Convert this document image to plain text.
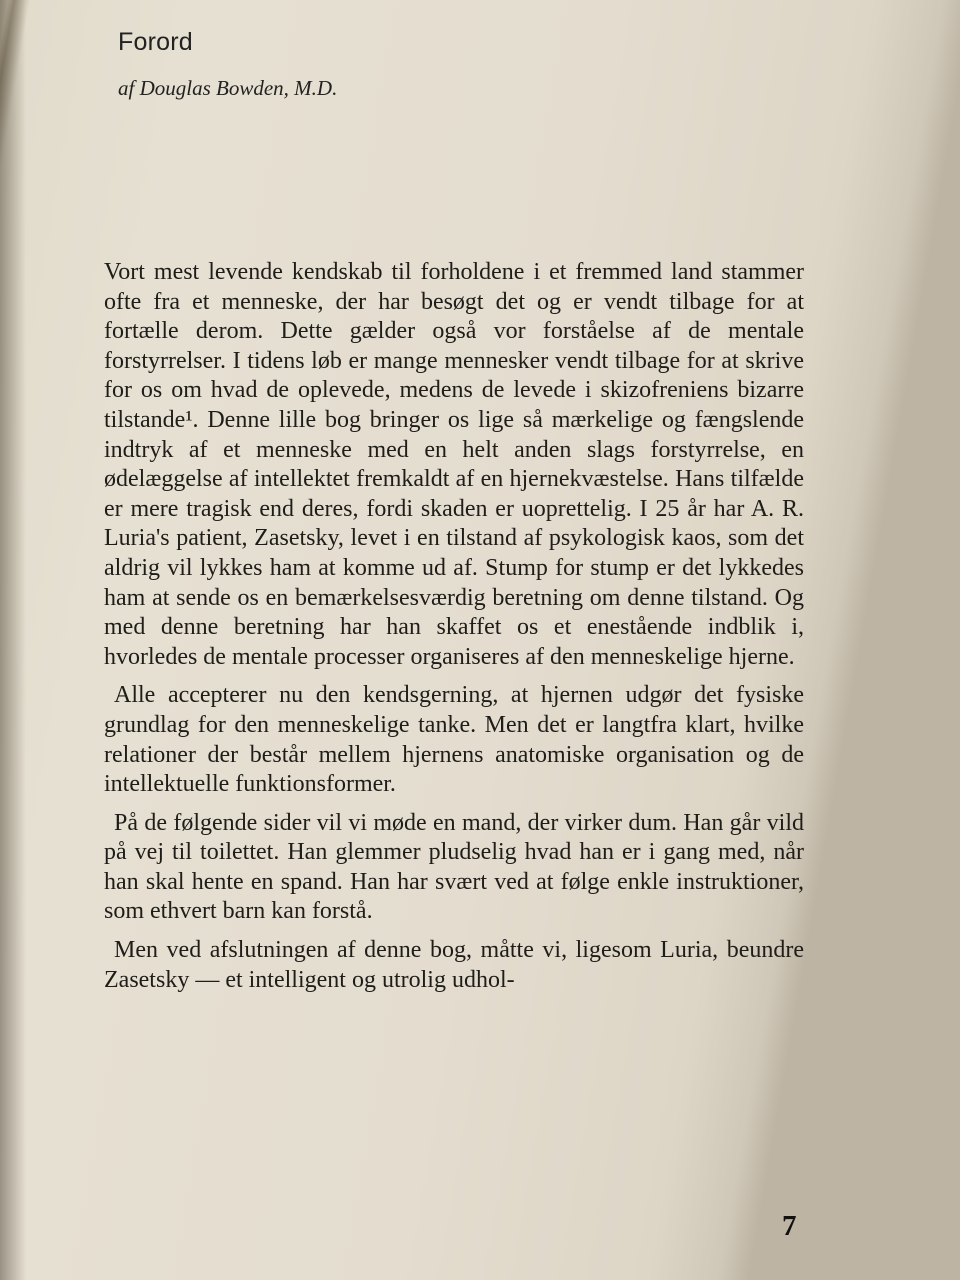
Forord
af Douglas Bowden, M.D.

Vort mest levende kendskab til forholdene i et fremmed land stammer ofte fra et menneske, der har besøgt det og er vendt tilbage for at fortælle derom. Dette gælder også vor forståelse af de mentale forstyrrelser. I tidens løb er mange mennesker vendt tilbage for at skrive for os om hvad de oplevede, medens de levede i skizofreniens bizarre tilstande¹. Denne lille bog bringer os lige så mærkelige og fængslende indtryk af et menneske med en helt anden slags forstyrrelse, en ødelæggelse af intellektet fremkaldt af en hjernekvæstelse. Hans tilfælde er mere tragisk end deres, fordi skaden er uoprettelig. I 25 år har A. R. Luria's patient, Zasetsky, levet i en tilstand af psykologisk kaos, som det aldrig vil lykkes ham at komme ud af. Stump for stump er det lykkedes ham at sende os en bemærkelsesværdig beretning om denne tilstand. Og med denne beretning har han skaffet os et enestående indblik i, hvorledes de mentale processer organiseres af den menneskelige hjerne.

Alle accepterer nu den kendsgerning, at hjernen udgør det fysiske grundlag for den menneskelige tanke. Men det er langtfra klart, hvilke relationer der består mellem hjernens anatomiske organisation og de intellektuelle funktionsformer.

På de følgende sider vil vi møde en mand, der virker dum. Han går vild på vej til toilettet. Han glemmer pludselig hvad han er i gang med, når han skal hente en spand. Han har svært ved at følge enkle instruktioner, som ethvert barn kan forstå.

Men ved afslutningen af denne bog, måtte vi, ligesom Luria, beundre Zasetsky — et intelligent og utrolig udhol-

7
